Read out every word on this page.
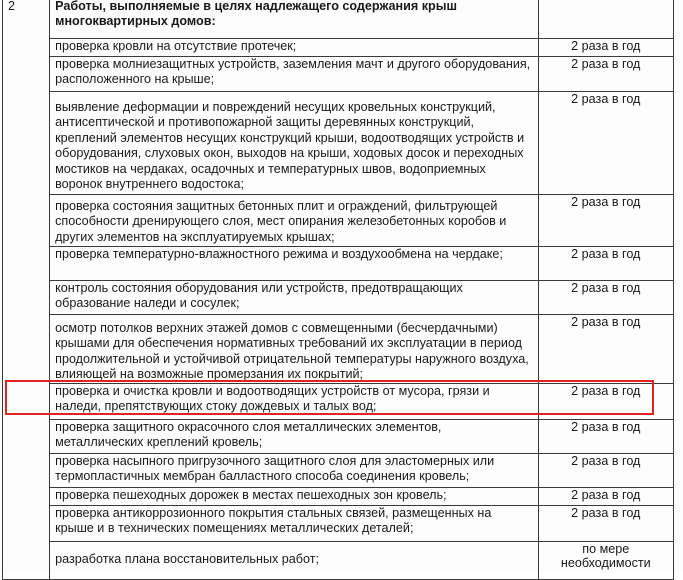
2	Работы, выполняемые в целях надлежащего содержания крыш многоквартирных домов:	
	проверка кровли на отсутствие протечек;	2 раза в год
	проверка молниезащитных устройств, заземления мачт и другого оборудования, расположенного на крыше;	2 раза в год
	выявление деформации и повреждений несущих кровельных конструкций, антисептической и противопожарной защиты деревянных конструкций, креплений элементов несущих конструкций крыши, водоотводящих устройств и оборудования, слуховых окон, выходов на крыши, ходовых досок и переходных мостиков на чердаках, осадочных и температурных швов, водоприемных воронок внутреннего водостока;	2 раза в год
	проверка состояния защитных бетонных плит и ограждений, фильтрующей способности дренирующего слоя, мест опирания железобетонных коробов и других элементов на эксплуатируемых крышах;	2 раза в год
	проверка температурно-влажностного режима и воздухообмена на чердаке;	2 раза в год
	контроль состояния оборудования или устройств, предотвращающих образование наледи и сосулек;	2 раза в год
	осмотр потолков верхних этажей домов с совмещенными (бесчердачными) крышами для обеспечения нормативных требований их эксплуатации в период продолжительной и устойчивой отрицательной температуры наружного воздуха, влияющей на возможные промерзания их покрытий;	2 раза в год
	проверка и очистка кровли и водоотводящих устройств от мусора, грязи и наледи, препятствующих стоку дождевых и талых вод;	2 раза в год
	проверка защитного окрасочного слоя металлических элементов, металлических креплений кровель;	2 раза в год
	проверка насыпного пригрузочного защитного слоя для эластомерных или термопластичных мембран балластного способа соединения кровель;	2 раза в год
	проверка пешеходных дорожек в местах пешеходных зон кровель;	2 раза в год
	проверка антикоррозионного покрытия стальных связей, размещенных на крыше и в технических помещениях металлических деталей;	2 раза в год
	разработка плана восстановительных работ;	по мере необходимости
